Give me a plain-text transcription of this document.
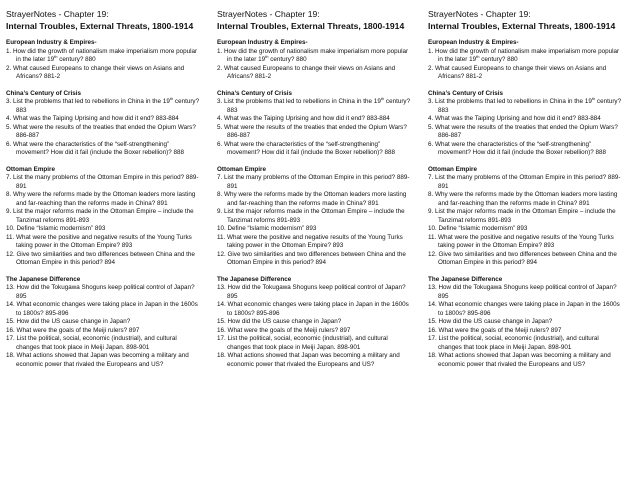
StrayerNotes - Chapter 19:
Internal Troubles, External Threats, 1800-1914
European Industry & Empires-
1. How did the growth of nationalism make imperialism more popular in the later 19th century? 880
2. What caused Europeans to change their views on Asians and Africans? 881-2
China’s Century of Crisis
3. List the problems that led to rebellions in China in the 19th century? 883
4. What was the Taiping Uprising and how did it end? 883-884
5. What were the results of the treaties that ended the Opium Wars? 886-887
6. What were the characteristics of the “self-strengthening” movement? How did it fail (include the Boxer rebellion)? 888
Ottoman Empire
7. List the many problems of the Ottoman Empire in this period? 889-891
8. Why were the reforms made by the Ottoman leaders more lasting and far-reaching than the reforms made in China? 891
9. List the major reforms made in the Ottoman Empire – include the Tanzimat reforms 891-893
10. Define “Islamic modernism” 893
11. What were the positive and negative results of the Young Turks taking power in the Ottoman Empire? 893
12. Give two similarities and two differences between China and the Ottoman Empire in this period? 894
The Japanese Difference
13. How did the Tokugawa Shoguns keep political control of Japan? 895
14. What economic changes were taking place in Japan in the 1600s to 1800s? 895-896
15. How did the US cause change in Japan?
16. What were the goals of the Meiji rulers? 897
17. List the political, social, economic (industrial), and cultural changes that took place in Meiji Japan. 898-901
18. What actions showed that Japan was becoming a military and economic power that rivaled the Europeans and US?
StrayerNotes - Chapter 19:
Internal Troubles, External Threats, 1800-1914
European Industry & Empires-
1. How did the growth of nationalism make imperialism more popular in the later 19th century? 880
2. What caused Europeans to change their views on Asians and Africans? 881-2
China’s Century of Crisis
3. List the problems that led to rebellions in China in the 19th century? 883
4. What was the Taiping Uprising and how did it end? 883-884
5. What were the results of the treaties that ended the Opium Wars? 886-887
6. What were the characteristics of the “self-strengthening” movement? How did it fail (include the Boxer rebellion)? 888
Ottoman Empire
7. List the many problems of the Ottoman Empire in this period? 889-891
8. Why were the reforms made by the Ottoman leaders more lasting and far-reaching than the reforms made in China? 891
9. List the major reforms made in the Ottoman Empire – include the Tanzimat reforms 891-893
10. Define “Islamic modernism” 893
11. What were the positive and negative results of the Young Turks taking power in the Ottoman Empire? 893
12. Give two similarities and two differences between China and the Ottoman Empire in this period? 894
The Japanese Difference
13. How did the Tokugawa Shoguns keep political control of Japan? 895
14. What economic changes were taking place in Japan in the 1600s to 1800s? 895-896
15. How did the US cause change in Japan?
16. What were the goals of the Meiji rulers? 897
17. List the political, social, economic (industrial), and cultural changes that took place in Meiji Japan. 898-901
18. What actions showed that Japan was becoming a military and economic power that rivaled the Europeans and US?
StrayerNotes - Chapter 19:
Internal Troubles, External Threats, 1800-1914
European Industry & Empires-
1. How did the growth of nationalism make imperialism more popular in the later 19th century? 880
2. What caused Europeans to change their views on Asians and Africans? 881-2
China’s Century of Crisis
3. List the problems that led to rebellions in China in the 19th century? 883
4. What was the Taiping Uprising and how did it end? 883-884
5. What were the results of the treaties that ended the Opium Wars? 886-887
6. What were the characteristics of the “self-strengthening” movement? How did it fail (include the Boxer rebellion)? 888
Ottoman Empire
7. List the many problems of the Ottoman Empire in this period? 889-891
8. Why were the reforms made by the Ottoman leaders more lasting and far-reaching than the reforms made in China? 891
9. List the major reforms made in the Ottoman Empire – include the Tanzimat reforms 891-893
10. Define “Islamic modernism” 893
11. What were the positive and negative results of the Young Turks taking power in the Ottoman Empire? 893
12. Give two similarities and two differences between China and the Ottoman Empire in this period? 894
The Japanese Difference
13. How did the Tokugawa Shoguns keep political control of Japan? 895
14. What economic changes were taking place in Japan in the 1600s to 1800s? 895-896
15. How did the US cause change in Japan?
16. What were the goals of the Meiji rulers? 897
17. List the political, social, economic (industrial), and cultural changes that took place in Meiji Japan. 898-901
18. What actions showed that Japan was becoming a military and economic power that rivaled the Europeans and US?
